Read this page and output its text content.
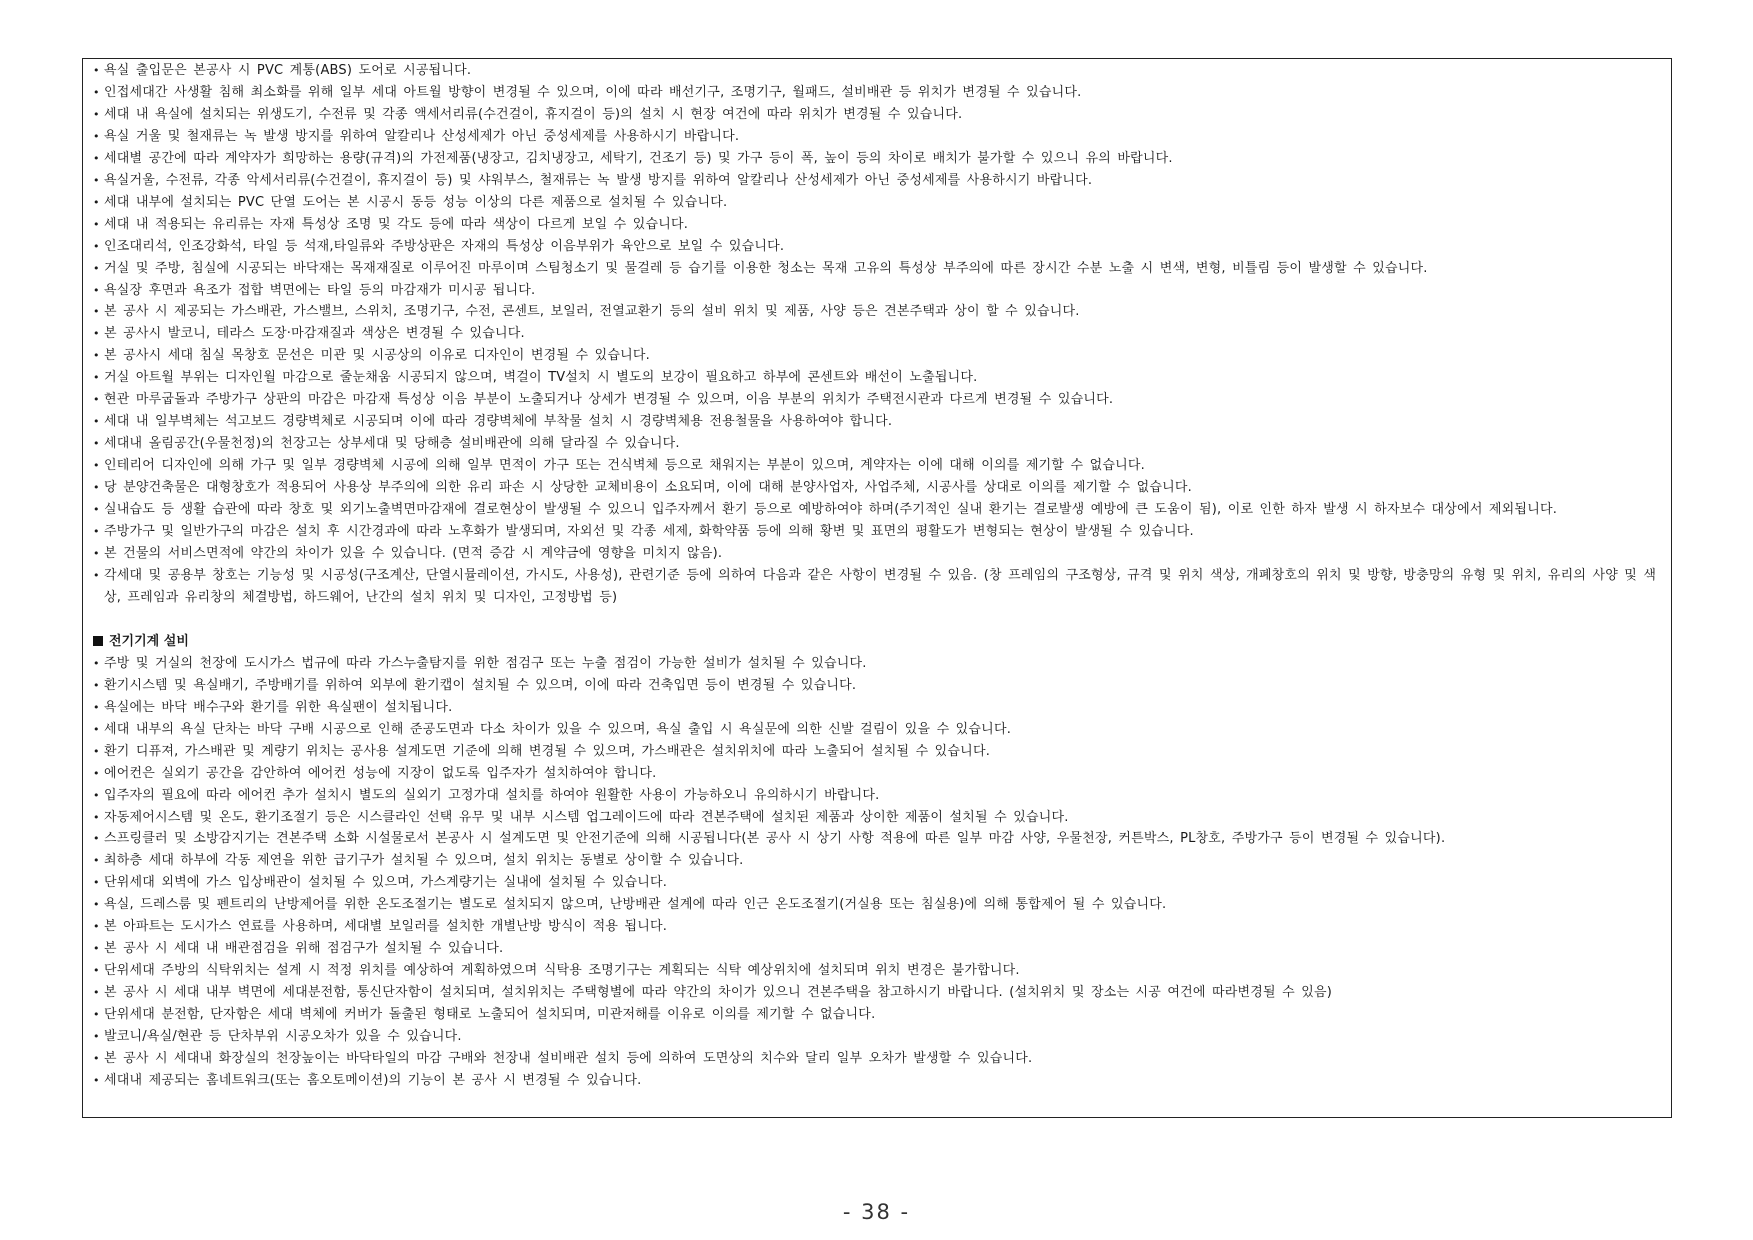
• 욕실 출입문은 본공사 시 PVC 계통(ABS) 도어로 시공됩니다.
• 인접세대간 사생활 침해 최소화를 위해 일부 세대 아트월 방향이 변경될 수 있으며, 이에 따라 배선기구, 조명기구, 월패드, 설비배관 등 위치가 변경될 수 있습니다.
• 세대 내 욕실에 설치되는 위생도기, 수전류 및 각종 액세서리류(수건걸이, 휴지걸이 등)의 설치 시 현장 여건에 따라 위치가 변경될 수 있습니다.
• 욕실 거울 및 철재류는 녹 발생 방지를 위하여 알칼리나 산성세제가 아닌 중성세제를 사용하시기 바랍니다.
• 세대별 공간에 따라 계약자가 희망하는 용량(규격)의 가전제품(냉장고, 김치냉장고, 세탁기, 건조기 등) 및 가구 등이 폭, 높이 등의 차이로 배치가 불가할 수 있으니 유의 바랍니다.
• 욕실거울, 수전류, 각종 악세서리류(수건걸이, 휴지걸이 등) 및 샤워부스, 철재류는 녹 발생 방지를 위하여 알칼리나 산성세제가 아닌 중성세제를 사용하시기 바랍니다.
• 세대 내부에 설치되는 PVC 단열 도어는 본 시공시 동등 성능 이상의 다른 제품으로 설치될 수 있습니다.
• 세대 내 적용되는 유리류는 자재 특성상 조명 및 각도 등에 따라 색상이 다르게 보일 수 있습니다.
• 인조대리석, 인조강화석, 타일 등 석재,타일류와 주방상판은 자재의 특성상 이음부위가 육안으로 보일 수 있습니다.
• 거실 및 주방, 침실에 시공되는 바닥재는 목재재질로 이루어진 마루이며 스팀청소기 및 물걸레 등 습기를 이용한 청소는 목재 고유의 특성상 부주의에 따른 장시간 수분 노출 시 변색, 변형, 비틀림 등이 발생할 수 있습니다.
• 욕실장 후면과 욕조가 접합 벽면에는 타일 등의 마감재가 미시공 됩니다.
• 본 공사 시 제공되는 가스배관, 가스밸브, 스위치, 조명기구, 수전, 콘센트, 보일러, 전열교환기 등의 설비 위치 및 제품, 사양 등은 견본주택과 상이 할 수 있습니다.
• 본 공사시 발코니, 테라스 도장·마감재질과 색상은 변경될 수 있습니다.
• 본 공사시 세대 침실 목창호 문선은 미관 및 시공상의 이유로 디자인이 변경될 수 있습니다.
• 거실 아트월 부위는 디자인월 마감으로 줄눈채움 시공되지 않으며, 벽걸이 TV설치 시 별도의 보강이 필요하고 하부에 콘센트와 배선이 노출됩니다.
• 현관 마루굽돌과 주방가구 상판의 마감은 마감재 특성상 이음 부분이 노출되거나 상세가 변경될 수 있으며, 이음 부분의 위치가 주택전시관과 다르게 변경될 수 있습니다.
• 세대 내 일부벽체는 석고보드 경량벽체로 시공되며 이에 따라 경량벽체에 부착물 설치 시 경량벽체용 전용철물을 사용하여야 합니다.
• 세대내 올림공간(우물천정)의 천장고는 상부세대 및 당해층 설비배관에 의해 달라질 수 있습니다.
• 인테리어 디자인에 의해 가구 및 일부 경량벽체 시공에 의해 일부 면적이 가구 또는 건식벽체 등으로 채워지는 부분이 있으며, 계약자는 이에 대해 이의를 제기할 수 없습니다.
• 당 분양건축물은 대형창호가 적용되어 사용상 부주의에 의한 유리 파손 시 상당한 교체비용이 소요되며, 이에 대해 분양사업자, 사업주체, 시공사를 상대로 이의를 제기할 수 없습니다.
• 실내습도 등 생활 습관에 따라 창호 및 외기노출벽면마감재에 결로현상이 발생될 수 있으니 입주자께서 환기 등으로 예방하여야 하며(주기적인 실내 환기는 결로발생 예방에 큰 도움이 됨), 이로 인한 하자 발생 시 하자보수 대상에서 제외됩니다.
• 주방가구 및 일반가구의 마감은 설치 후 시간경과에 따라 노후화가 발생되며, 자외선 및 각종 세제, 화학약품 등에 의해 황변 및 표면의 평활도가 변형되는 현상이 발생될 수 있습니다.
• 본 건물의 서비스면적에 약간의 차이가 있을 수 있습니다. (면적 증감 시 계약금에 영향을 미치지 않음).
• 각세대 및 공용부 창호는 기능성 및 시공성(구조계산, 단열시뮬레이션, 가시도, 사용성), 관련기준 등에 의하여 다음과 같은 사항이 변경될 수 있음. (창 프레임의 구조형상, 규격 및 위치 색상, 개폐창호의 위치 및 방향, 방충망의 유형 및 위치, 유리의 사양 및 색상, 프레임과 유리창의 체결방법, 하드웨어, 난간의 설치 위치 및 디자인, 고정방법 등)
전기기계 설비
• 주방 및 거실의 천장에 도시가스 법규에 따라 가스누출탐지를 위한 점검구 또는 누출 점검이 가능한 설비가 설치될 수 있습니다.
• 환기시스템 및 욕실배기, 주방배기를 위하여 외부에 환기캡이 설치될 수 있으며, 이에 따라 건축입면 등이 변경될 수 있습니다.
• 욕실에는 바닥 배수구와 환기를 위한 욕실팬이 설치됩니다.
• 세대 내부의 욕실 단차는 바닥 구배 시공으로 인해 준공도면과 다소 차이가 있을 수 있으며, 욕실 출입 시 욕실문에 의한 신발 걸림이 있을 수 있습니다.
• 환기 디퓨져, 가스배관 및 계량기 위치는 공사용 설계도면 기준에 의해 변경될 수 있으며, 가스배관은 설치위치에 따라 노출되어 설치될 수 있습니다.
• 에어컨은 실외기 공간을 감안하여 에어컨 성능에 지장이 없도록 입주자가 설치하여야 합니다.
• 입주자의 필요에 따라 에어컨 추가 설치시 별도의 실외기 고정가대 설치를 하여야 원활한 사용이 가능하오니 유의하시기 바랍니다.
• 자동제어시스템 및 온도, 환기조절기 등은 시스클라인 선택 유무 및 내부 시스템 업그레이드에 따라 견본주택에 설치된 제품과 상이한 제품이 설치될 수 있습니다.
• 스프링클러 및 소방감지기는 견본주택 소화 시설물로서 본공사 시 설계도면 및 안전기준에 의해 시공됩니다(본 공사 시 상기 사항 적용에 따른 일부 마감 사양, 우물천장, 커튼박스, PL창호, 주방가구 등이 변경될 수 있습니다).
• 최하층 세대 하부에 각동 제연을 위한 급기구가 설치될 수 있으며, 설치 위치는 동별로 상이할 수 있습니다.
• 단위세대 외벽에 가스 입상배관이 설치될 수 있으며, 가스계량기는 실내에 설치될 수 있습니다.
• 욕실, 드레스룸 및 펜트리의 난방제어를 위한 온도조절기는 별도로 설치되지 않으며, 난방배관 설계에 따라 인근 온도조절기(거실용 또는 침실용)에 의해 통합제어 될 수 있습니다.
• 본 아파트는 도시가스 연료를 사용하며, 세대별 보일러를 설치한 개별난방 방식이 적용 됩니다.
• 본 공사 시 세대 내 배관점검을 위해 점검구가 설치될 수 있습니다.
• 단위세대 주방의 식탁위치는 설계 시 적정 위치를 예상하여 계획하였으며 식탁용 조명기구는 계획되는 식탁 예상위치에 설치되며 위치 변경은 불가합니다.
• 본 공사 시 세대 내부 벽면에 세대분전함, 통신단자함이 설치되며, 설치위치는 주택형별에 따라 약간의 차이가 있으니 견본주택을 참고하시기 바랍니다. (설치위치 및 장소는 시공 여건에 따라변경될 수 있음)
• 단위세대 분전함, 단자함은 세대 벽체에 커버가 돌출된 형태로 노출되어 설치되며, 미관저해를 이유로 이의를 제기할 수 없습니다.
• 발코니/욕실/현관 등 단차부위 시공오차가 있을 수 있습니다.
• 본 공사 시 세대내 화장실의 천장높이는 바닥타일의 마감 구배와 천장내 설비배관 설치 등에 의하여 도면상의 치수와 달리 일부 오차가 발생할 수 있습니다.
• 세대내 제공되는 홈네트워크(또는 홈오토메이션)의 기능이 본 공사 시 변경될 수 있습니다.
- 38 -
